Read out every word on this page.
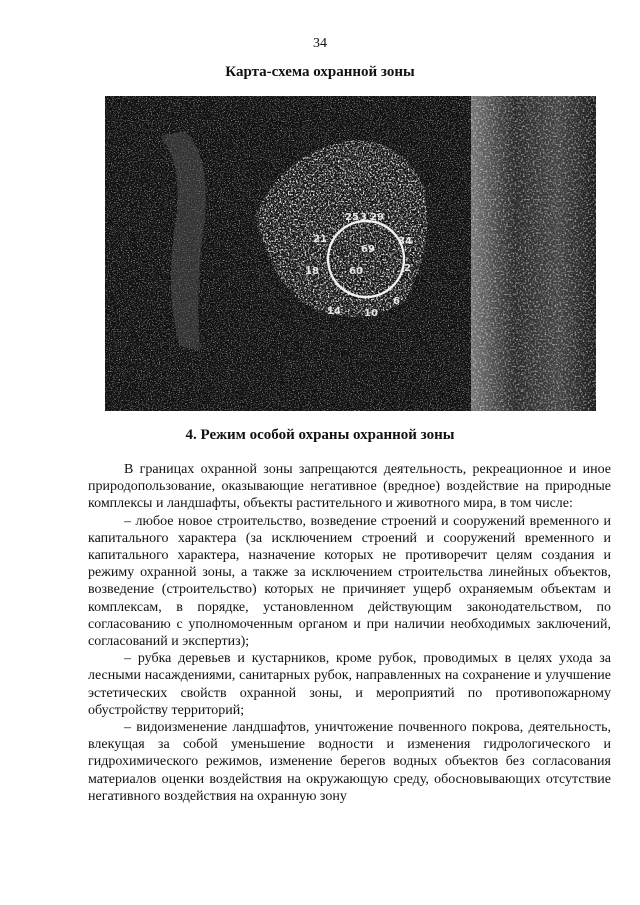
34
Карта-схема охранной зоны
25 3 29
21
69
34
18	60	2
6
14 10
4. Режим особой охраны охранной зоны

В границах охранной зоны запрещаются деятельность, рекреационное и иное природопользование, оказывающие негативное (вредное) воздействие на природные комплексы и ландшафты, объекты растительного и животного мира, в том числе:

– любое новое строительство, возведение строений и сооружений временного и капитального характера (за исключением строений и сооружений временного и капитального характера, назначение которых не противоречит целям создания и режиму охранной зоны, а также за исключением строительства линейных объектов, возведение (строительство) которых не причиняет ущерб охраняемым объектам и комплексам, в порядке, установленном действующим законодательством, по согласованию с уполномоченным органом и при наличии необходимых заключений, согласований и экспертиз);

– рубка деревьев и кустарников, кроме рубок, проводимых в целях ухода за лесными насаждениями, санитарных рубок, направленных на сохранение и улучшение эстетических свойств охранной зоны, и мероприятий по противопожарному обустройству территорий;

– видоизменение ландшафтов, уничтожение почвенного покрова, деятельность, влекущая за собой уменьшение водности и изменения гидрологического и гидрохимического режимов, изменение берегов водных объектов без согласования материалов оценки воздействия на окружающую среду, обосновывающих отсутствие негативного воздействия на охранную зону
